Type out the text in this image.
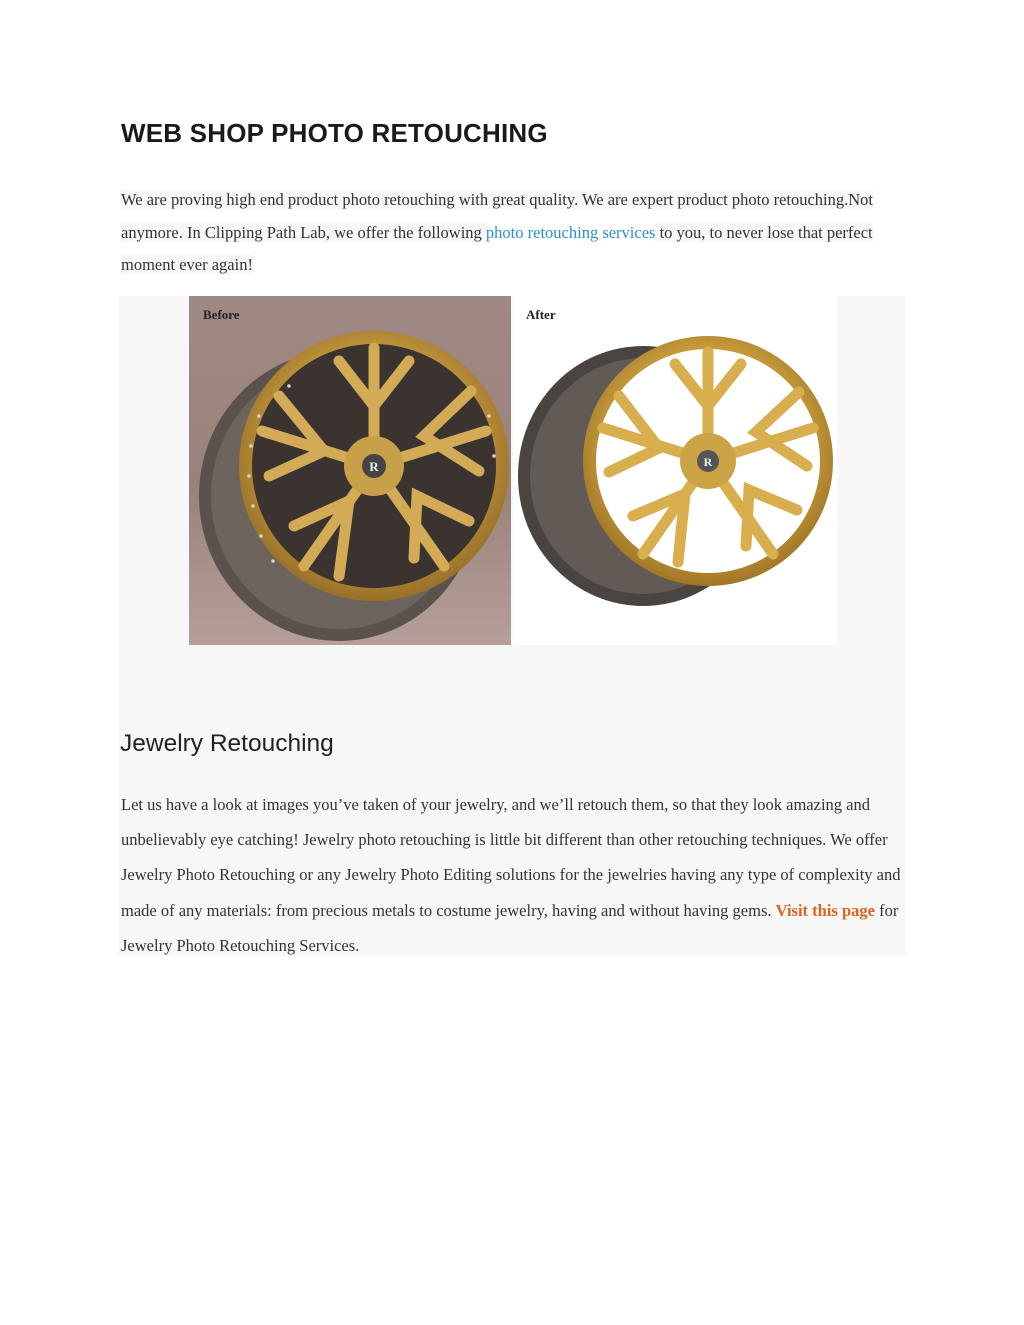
WEB SHOP PHOTO RETOUCHING

We are proving high end product photo retouching with great quality. We are expert product photo retouching.Not anymore. In Clipping Path Lab, we offer the following photo retouching services to you, to never lose that perfect moment ever again!

R
Before
R
After
Jewelry Retouching

Let us have a look at images you’ve taken of your jewelry, and we’ll retouch them, so that they look amazing and unbelievably eye catching! Jewelry photo retouching is little bit different than other retouching techniques. We offer Jewelry Photo Retouching or any Jewelry Photo Editing solutions for the jewelries having any type of complexity and made of any materials: from precious metals to costume jewelry, having and without having gems. Visit this page for Jewelry Photo Retouching Services.
